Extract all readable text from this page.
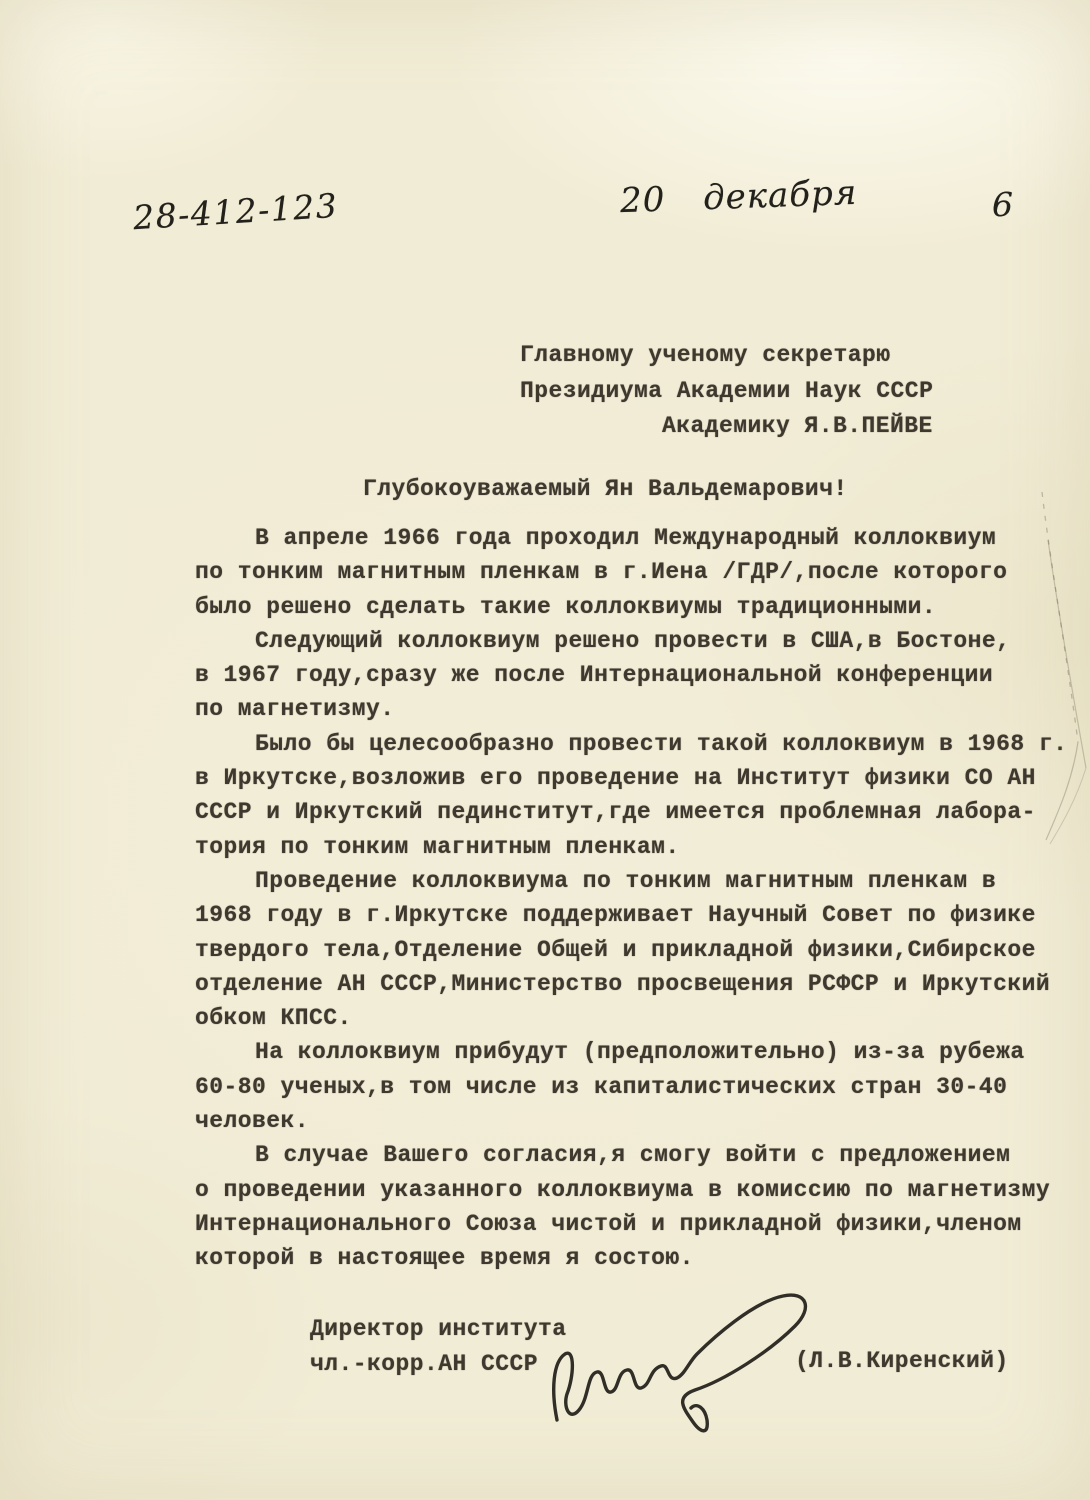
28-412-123	20 декабря	6
Главному ученому секретарю
Президиума Академии Наук СССР
Академику Я.В.ПЕЙВЕ
Глубокоуважаемый Ян Вальдемарович!
В апреле 1966 года проходил Международный коллоквиум
по тонким магнитным пленкам в г.Иена /ГДР/,после которого
было решено сделать такие коллоквиумы традиционными.
Следующий коллоквиум решено провести в США,в Бостоне,
в 1967 году,сразу же после Интернациональной конференции
по магнетизму.
Было бы целесообразно провести такой коллоквиум в 1968 г.
в Иркутске,возложив его проведение на Институт физики СО АН
СССР и Иркутский пединститут,где имеется проблемная лабора-
тория по тонким магнитным пленкам.
Проведение коллоквиума по тонким магнитным пленкам в
1968 году в г.Иркутске поддерживает Научный Совет по физике
твердого тела,Отделение Общей и прикладной физики,Сибирское
отделение АН СССР,Министерство просвещения РСФСР и Иркутский
обком КПСС.
На коллоквиум прибудут (предположительно) из-за рубежа
60-80 ученых,в том числе из капиталистических стран 30-40
человек.
В случае Вашего согласия,я смогу войти с предложением
о проведении указанного коллоквиума в комиссию по магнетизму
Интернационального Союза чистой и прикладной физики,членом
которой в настоящее время я состою.
Директор института
чл.-корр.АН СССР	(Л.В.Киренский)
